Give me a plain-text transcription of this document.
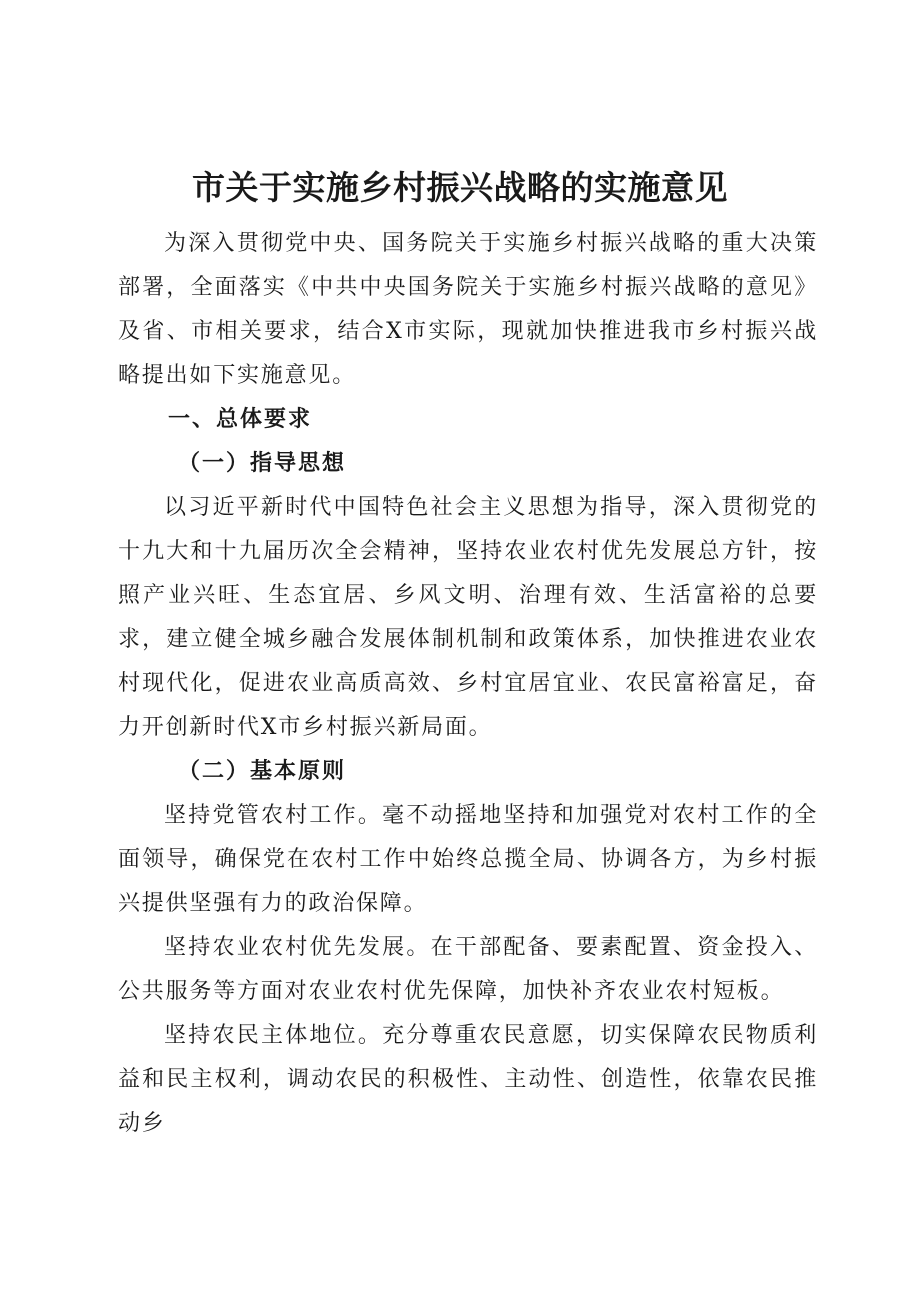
市关于实施乡村振兴战略的实施意见

为深入贯彻党中央、国务院关于实施乡村振兴战略的重大决策部署，全面落实《中共中央国务院关于实施乡村振兴战略的意见》及省、市相关要求，结合X市实际，现就加快推进我市乡村振兴战略提出如下实施意见。

一、总体要求

（一）指导思想

以习近平新时代中国特色社会主义思想为指导，深入贯彻党的十九大和十九届历次全会精神，坚持农业农村优先发展总方针，按照产业兴旺、生态宜居、乡风文明、治理有效、生活富裕的总要求，建立健全城乡融合发展体制机制和政策体系，加快推进农业农村现代化，促进农业高质高效、乡村宜居宜业、农民富裕富足，奋力开创新时代X市乡村振兴新局面。

（二）基本原则

坚持党管农村工作。毫不动摇地坚持和加强党对农村工作的全面领导，确保党在农村工作中始终总揽全局、协调各方，为乡村振兴提供坚强有力的政治保障。

坚持农业农村优先发展。在干部配备、要素配置、资金投入、公共服务等方面对农业农村优先保障，加快补齐农业农村短板。

坚持农民主体地位。充分尊重农民意愿，切实保障农民物质利益和民主权利，调动农民的积极性、主动性、创造性，依靠农民推动乡
